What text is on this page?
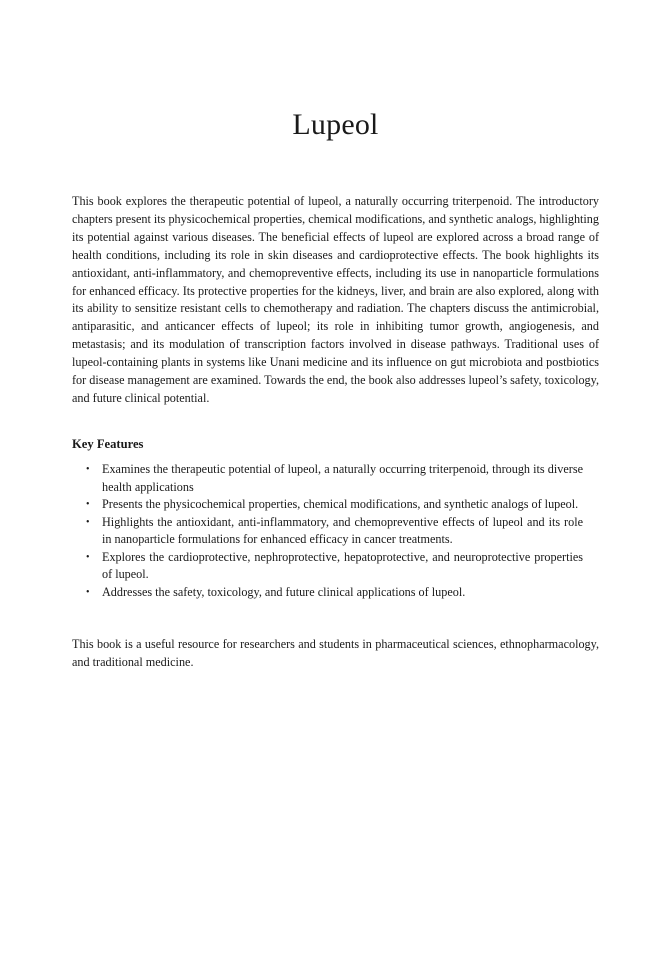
Lupeol

This book explores the therapeutic potential of lupeol, a naturally occurring triterpenoid. The introductory chapters present its physicochemical properties, chemical modifications, and synthetic analogs, highlighting its potential against various diseases. The beneficial effects of lupeol are explored across a broad range of health conditions, including its role in skin diseases and cardioprotective effects. The book highlights its antioxidant, anti-inflammatory, and chemopreventive effects, including its use in nanoparticle formulations for enhanced efficacy. Its protective properties for the kidneys, liver, and brain are also explored, along with its ability to sensitize resistant cells to chemotherapy and radiation. The chapters discuss the antimicrobial, antiparasitic, and anticancer effects of lupeol; its role in inhibiting tumor growth, angiogenesis, and metastasis; and its modulation of transcription factors involved in disease pathways. Traditional uses of lupeol-containing plants in systems like Unani medicine and its influence on gut microbiota and postbiotics for disease management are examined. Towards the end, the book also addresses lupeol’s safety, toxicology, and future clinical potential.

Key Features
• Examines the therapeutic potential of lupeol, a naturally occurring triterpenoid, through its diverse health applications
• Presents the physicochemical properties, chemical modifications, and synthetic analogs of lupeol.
• Highlights the antioxidant, anti-inflammatory, and chemopreventive effects of lupeol and its role in nanoparticle formulations for enhanced efficacy in cancer treatments.
• Explores the cardioprotective, nephroprotective, hepatoprotective, and neuroprotective properties of lupeol.
• Addresses the safety, toxicology, and future clinical applications of lupeol.

This book is a useful resource for researchers and students in pharmaceutical sciences, ethnopharmacology, and traditional medicine.
